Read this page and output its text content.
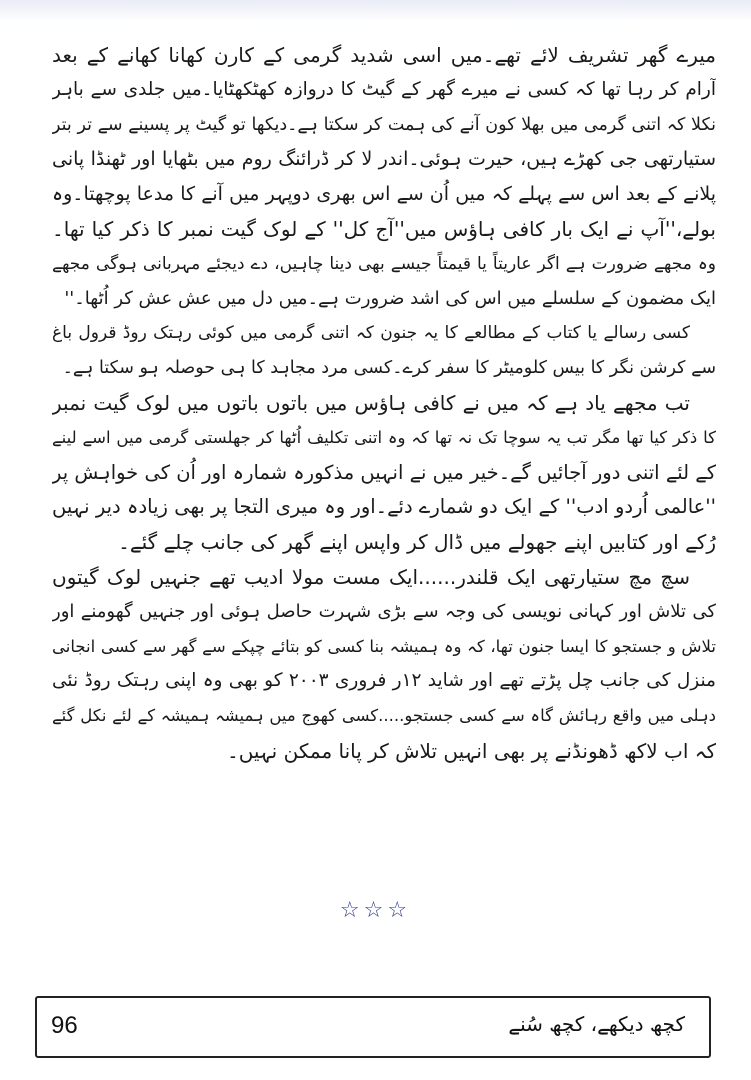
میرے گھر تشریف لائے تھے۔میں اسی شدید گرمی کے کارن کھانا کھانے کے بعد
آرام کر رہا تھا کہ کسی نے میرے گھر کے گیٹ کا دروازہ کھٹکھٹایا۔میں جلدی سے باہر
نکلا کہ اتنی گرمی میں بھلا کون آنے کی ہمت کر سکتا ہے۔دیکھا تو گیٹ پر پسینے سے تر بتر
ستیارتھی جی کھڑے ہیں، حیرت ہوئی۔اندر لا کر ڈرائنگ روم میں بٹھایا اور ٹھنڈا پانی
پلانے کے بعد اس سے پہلے کہ میں اُن سے اس بھری دوپہر میں آنے کا مدعا پوچھتا۔وہ
بولے،''آپ نے ایک بار کافی ہاؤس میں''آج کل'' کے لوک گیت نمبر کا ذکر کیا تھا۔
وہ مجھے ضرورت ہے اگر عاریتاً یا قیمتاً جیسے بھی دینا چاہیں، دے دیجئے مہربانی ہوگی مجھے
ایک مضمون کے سلسلے میں اس کی اشد ضرورت ہے۔میں دل میں عش عش کر اُٹھا۔''
کسی رسالے یا کتاب کے مطالعے کا یہ جنون کہ اتنی گرمی میں کوئی رہتک روڈ قرول باغ
سے کرشن نگر کا بیس کلومیٹر کا سفر کرے۔کسی مرد مجاہد کا ہی حوصلہ ہو سکتا ہے۔
تب مجھے یاد ہے کہ میں نے کافی ہاؤس میں باتوں باتوں میں لوک گیت نمبر
کا ذکر کیا تھا مگر تب یہ سوچا تک نہ تھا کہ وہ اتنی تکلیف اُٹھا کر جھلستی گرمی میں اسے لینے
کے لئے اتنی دور آجائیں گے۔خیر میں نے انہیں مذکورہ شمارہ اور اُن کی خواہش پر
''عالمی اُردو ادب'' کے ایک دو شمارے دئے۔اور وہ میری التجا پر بھی زیادہ دیر نہیں
رُکے اور کتابیں اپنے جھولے میں ڈال کر واپس اپنے گھر کی جانب چلے گئے۔
سچ مچ ستیارتھی ایک قلندر......ایک مست مولا ادیب تھے جنہیں لوک گیتوں
کی تلاش اور کہانی نویسی کی وجہ سے بڑی شہرت حاصل ہوئی اور جنہیں گھومنے اور
تلاش و جستجو کا ایسا جنون تھا، کہ وہ ہمیشہ بنا کسی کو بتائے چپکے سے گھر سے کسی انجانی
منزل کی جانب چل پڑتے تھے اور شاید ۱۲ر فروری ۲۰۰۳ کو بھی وہ اپنی رہتک روڈ نئی
دہلی میں واقع رہائش گاہ سے کسی جستجو.....کسی کھوج میں ہمیشہ ہمیشہ کے لئے نکل گئے
کہ اب لاکھ ڈھونڈنے پر بھی انہیں تلاش کر پانا ممکن نہیں۔
☆☆☆
96	کچھ دیکھے، کچھ سُنے
